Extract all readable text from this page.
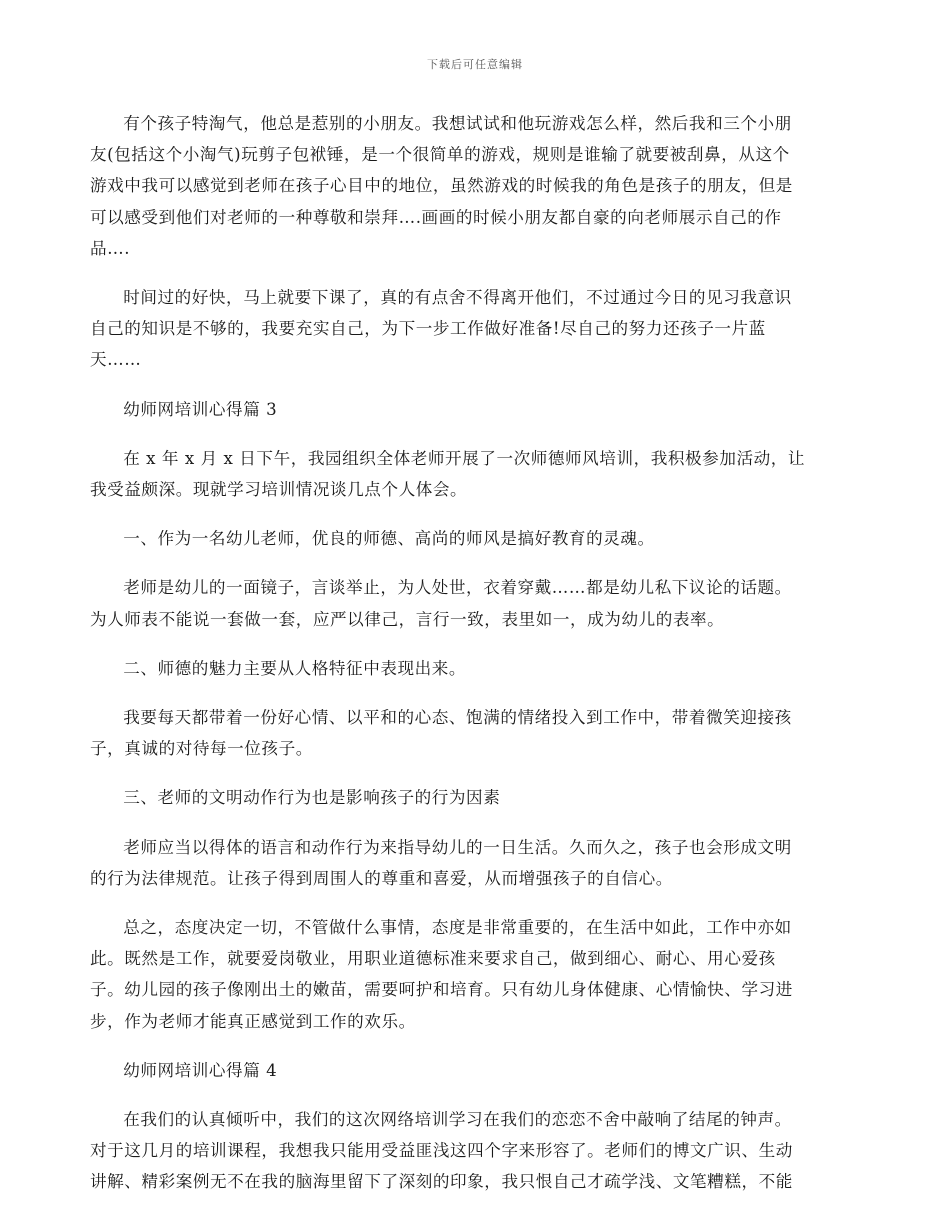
下载后可任意编辑

有个孩子特淘气，他总是惹别的小朋友。我想试试和他玩游戏怎么样，然后我和三个小朋
友(包括这个小淘气)玩剪子包袱锤，是一个很简单的游戏，规则是谁输了就要被刮鼻，从这个
游戏中我可以感觉到老师在孩子心目中的地位，虽然游戏的时候我的角色是孩子的朋友，但是
可以感受到他们对老师的一种尊敬和崇拜….画画的时候小朋友都自豪的向老师展示自己的作
品….

时间过的好快，马上就要下课了，真的有点舍不得离开他们，不过通过今日的见习我意识
自己的知识是不够的，我要充实自己，为下一步工作做好准备!尽自己的努力还孩子一片蓝
天……

幼师网培训心得篇 3

在 x 年 x 月 x 日下午，我园组织全体老师开展了一次师德师风培训，我积极参加活动，让
我受益颇深。现就学习培训情况谈几点个人体会。

一、作为一名幼儿老师，优良的师德、高尚的师风是搞好教育的灵魂。

老师是幼儿的一面镜子，言谈举止，为人处世，衣着穿戴……都是幼儿私下议论的话题。
为人师表不能说一套做一套，应严以律己，言行一致，表里如一，成为幼儿的表率。

二、师德的魅力主要从人格特征中表现出来。

我要每天都带着一份好心情、以平和的心态、饱满的情绪投入到工作中，带着微笑迎接孩
子，真诚的对待每一位孩子。

三、老师的文明动作行为也是影响孩子的行为因素

老师应当以得体的语言和动作行为来指导幼儿的一日生活。久而久之，孩子也会形成文明
的行为法律规范。让孩子得到周围人的尊重和喜爱，从而增强孩子的自信心。

总之，态度决定一切，不管做什么事情，态度是非常重要的，在生活中如此，工作中亦如
此。既然是工作，就要爱岗敬业，用职业道德标准来要求自己，做到细心、耐心、用心爱孩
子。幼儿园的孩子像刚出土的嫩苗，需要呵护和培育。只有幼儿身体健康、心情愉快、学习进
步，作为老师才能真正感觉到工作的欢乐。

幼师网培训心得篇 4

在我们的认真倾听中，我们的这次网络培训学习在我们的恋恋不舍中敲响了结尾的钟声。
对于这几月的培训课程，我想我只能用受益匪浅这四个字来形容了。老师们的博文广识、生动
讲解、精彩案例无不在我的脑海里留下了深刻的印象，我只恨自己才疏学浅、文笔糟糕，不能
